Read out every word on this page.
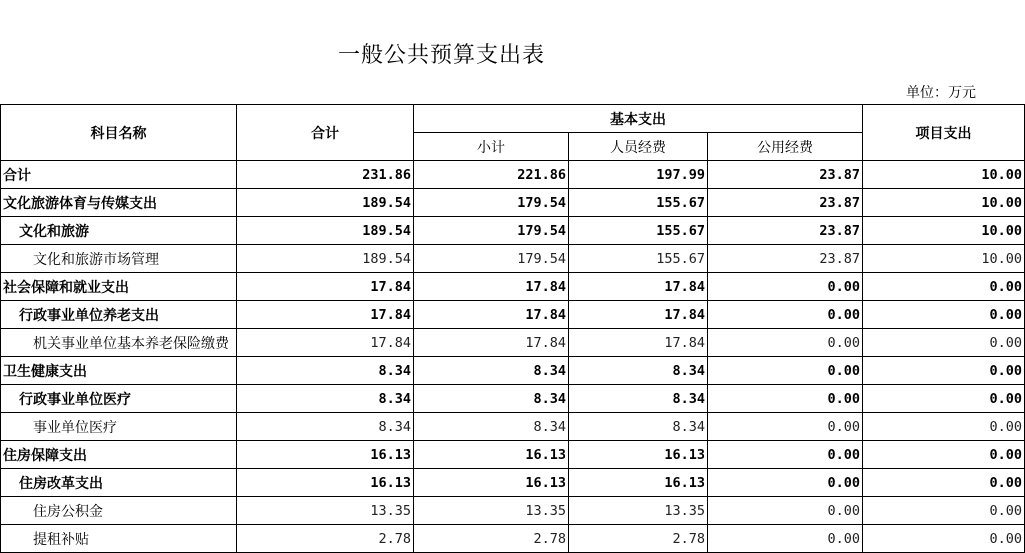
一般公共预算支出表
单位：万元
科目名称	合计	基本支出			项目支出
		小计	人员经费	公用经费	
合计	231.86	221.86	197.99	23.87	10.00
文化旅游体育与传媒支出	189.54	179.54	155.67	23.87	10.00
文化和旅游	189.54	179.54	155.67	23.87	10.00
文化和旅游市场管理	189.54	179.54	155.67	23.87	10.00
社会保障和就业支出	17.84	17.84	17.84	0.00	0.00
行政事业单位养老支出	17.84	17.84	17.84	0.00	0.00
机关事业单位基本养老保险缴费	17.84	17.84	17.84	0.00	0.00
卫生健康支出	8.34	8.34	8.34	0.00	0.00
行政事业单位医疗	8.34	8.34	8.34	0.00	0.00
事业单位医疗	8.34	8.34	8.34	0.00	0.00
住房保障支出	16.13	16.13	16.13	0.00	0.00
住房改革支出	16.13	16.13	16.13	0.00	0.00
住房公积金	13.35	13.35	13.35	0.00	0.00
提租补贴	2.78	2.78	2.78	0.00	0.00
